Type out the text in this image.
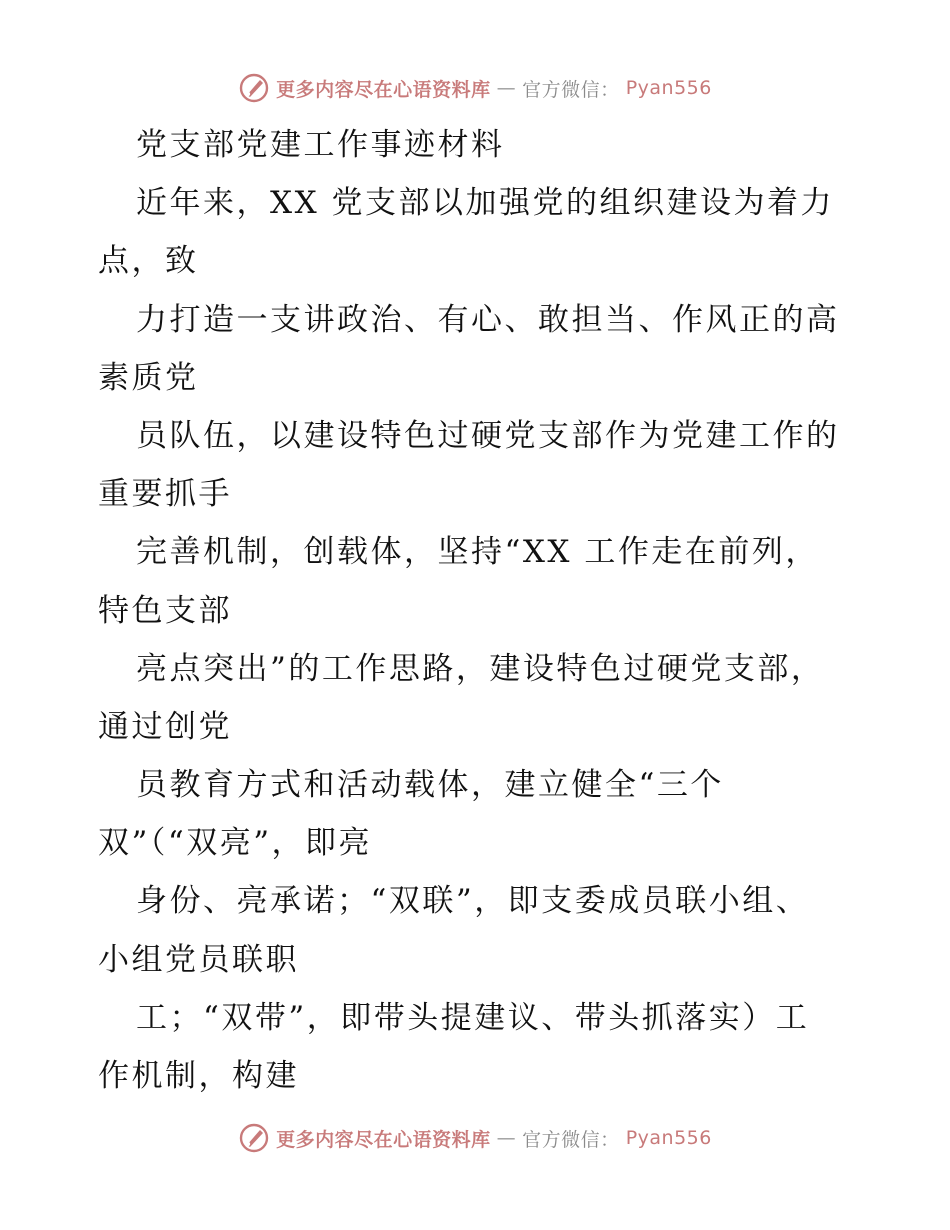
更多内容尽在心语资料库 — 官方微信： Pyan556
党支部党建工作事迹材料
近年来，XX 党支部以加强党的组织建设为着力
点，致
力打造一支讲政治、有心、敢担当、作风正的高
素质党
员队伍，以建设特色过硬党支部作为党建工作的
重要抓手
完善机制，创载体，坚持“XX 工作走在前列，
特色支部
亮点突出”的工作思路，建设特色过硬党支部，
通过创党
员教育方式和活动载体，建立健全“三个
双”（“双亮”，即亮
身份、亮承诺；“双联”，即支委成员联小组、
小组党员联职
工；“双带”，即带头提建议、带头抓落实）工
作机制，构建
更多内容尽在心语资料库 — 官方微信： Pyan556
